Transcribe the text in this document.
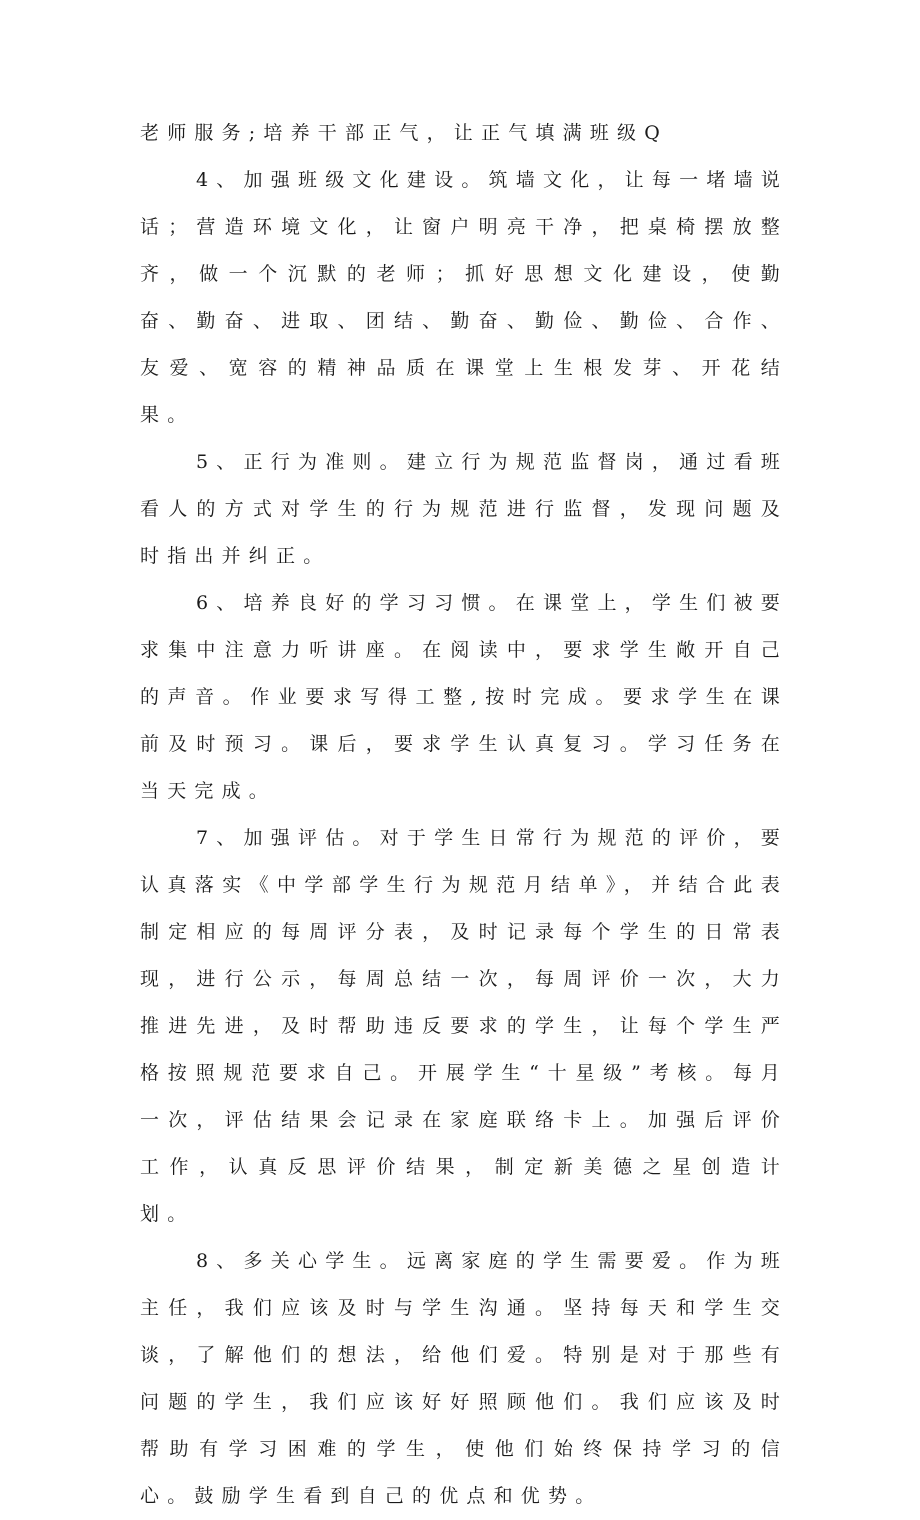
老师服务;培养干部正气，让正气填满班级Q

4、加强班级文化建设。筑墙文化，让每一堵墙说话；营造环境文化，让窗户明亮干净，把桌椅摆放整齐，做一个沉默的老师；抓好思想文化建设，使勤奋、勤奋、进取、团结、勤奋、勤俭、勤俭、合作、友爱、宽容的精神品质在课堂上生根发芽、开花结果。

5、正行为准则。建立行为规范监督岗，通过看班看人的方式对学生的行为规范进行监督，发现问题及时指出并纠正。

6、培养良好的学习习惯。在课堂上，学生们被要求集中注意力听讲座。在阅读中，要求学生敞开自己的声音。作业要求写得工整,按时完成。要求学生在课前及时预习。课后，要求学生认真复习。学习任务在当天完成。

7、加强评估。对于学生日常行为规范的评价，要认真落实《中学部学生行为规范月结单》，并结合此表制定相应的每周评分表，及时记录每个学生的日常表现，进行公示，每周总结一次，每周评价一次，大力推进先进，及时帮助违反要求的学生，让每个学生严格按照规范要求自己。开展学生“十星级”考核。每月一次，评估结果会记录在家庭联络卡上。加强后评价工作，认真反思评价结果，制定新美德之星创造计划。

8、多关心学生。远离家庭的学生需要爱。作为班主任，我们应该及时与学生沟通。坚持每天和学生交谈，了解他们的想法，给他们爱。特别是对于那些有问题的学生，我们应该好好照顾他们。我们应该及时帮助有学习困难的学生，使他们始终保持学习的信心。鼓励学生看到自己的优点和优势。
